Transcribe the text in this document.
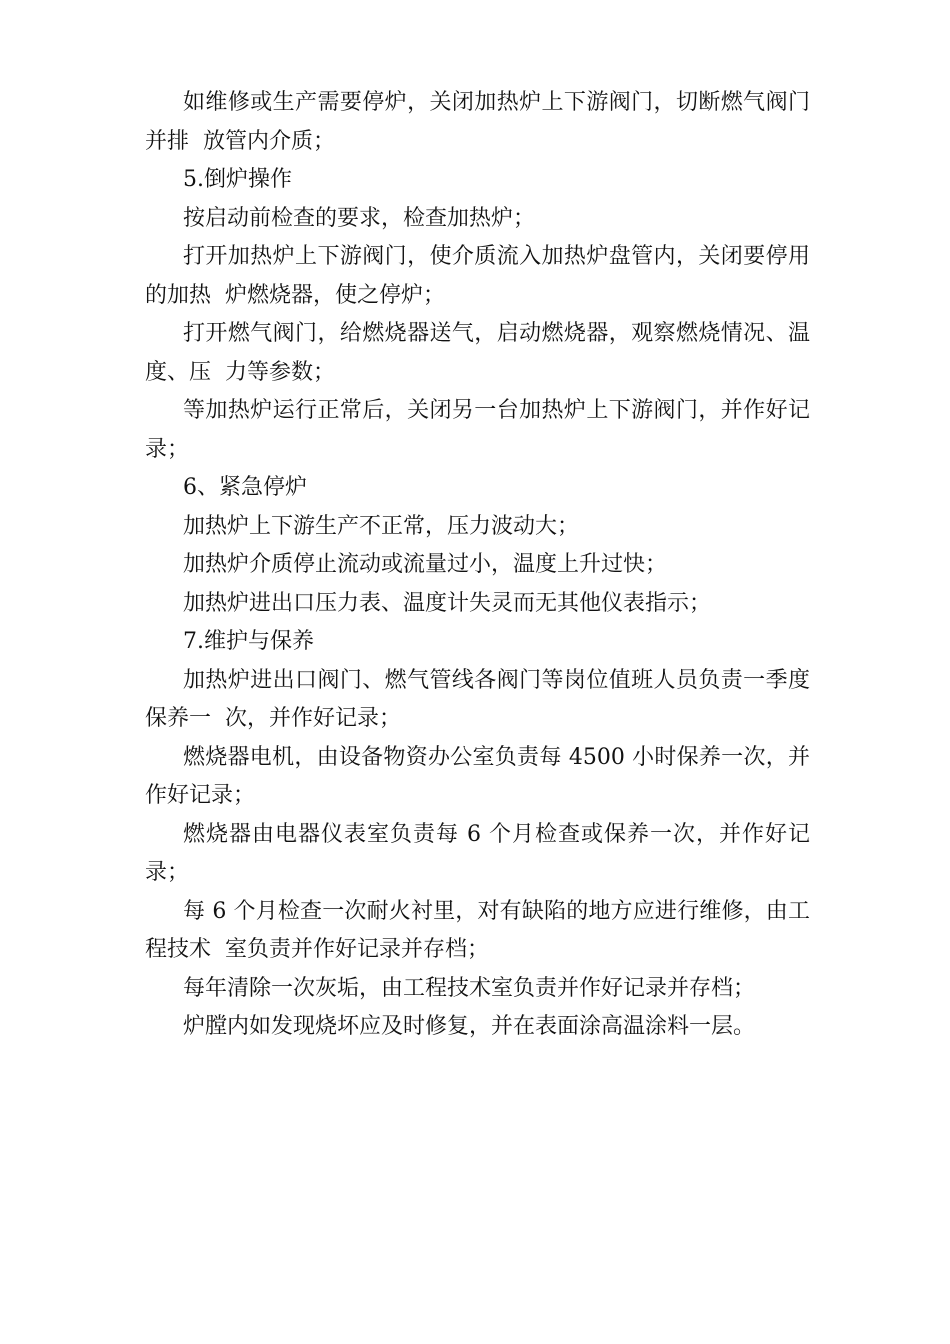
如维修或生产需要停炉，关闭加热炉上下游阀门，切断燃气阀门并排  放管内介质；

5.倒炉操作

按启动前检查的要求，检查加热炉；

打开加热炉上下游阀门，使介质流入加热炉盘管内，关闭要停用的加热  炉燃烧器，使之停炉；

打开燃气阀门，给燃烧器送气，启动燃烧器，观察燃烧情况、温度、压  力等参数；

等加热炉运行正常后，关闭另一台加热炉上下游阀门，并作好记录；

6、紧急停炉

加热炉上下游生产不正常，压力波动大；

加热炉介质停止流动或流量过小，温度上升过快；

加热炉进出口压力表、温度计失灵而无其他仪表指示；

7.维护与保养

加热炉进出口阀门、燃气管线各阀门等岗位值班人员负责一季度保养一  次，并作好记录；

燃烧器电机，由设备物资办公室负责每 4500 小时保养一次，并作好记录；

燃烧器由电器仪表室负责每 6 个月检查或保养一次，并作好记录；

每 6 个月检查一次耐火衬里，对有缺陷的地方应进行维修，由工程技术  室负责并作好记录并存档；

每年清除一次灰垢，由工程技术室负责并作好记录并存档；

炉膛内如发现烧坏应及时修复，并在表面涂高温涂料一层。
